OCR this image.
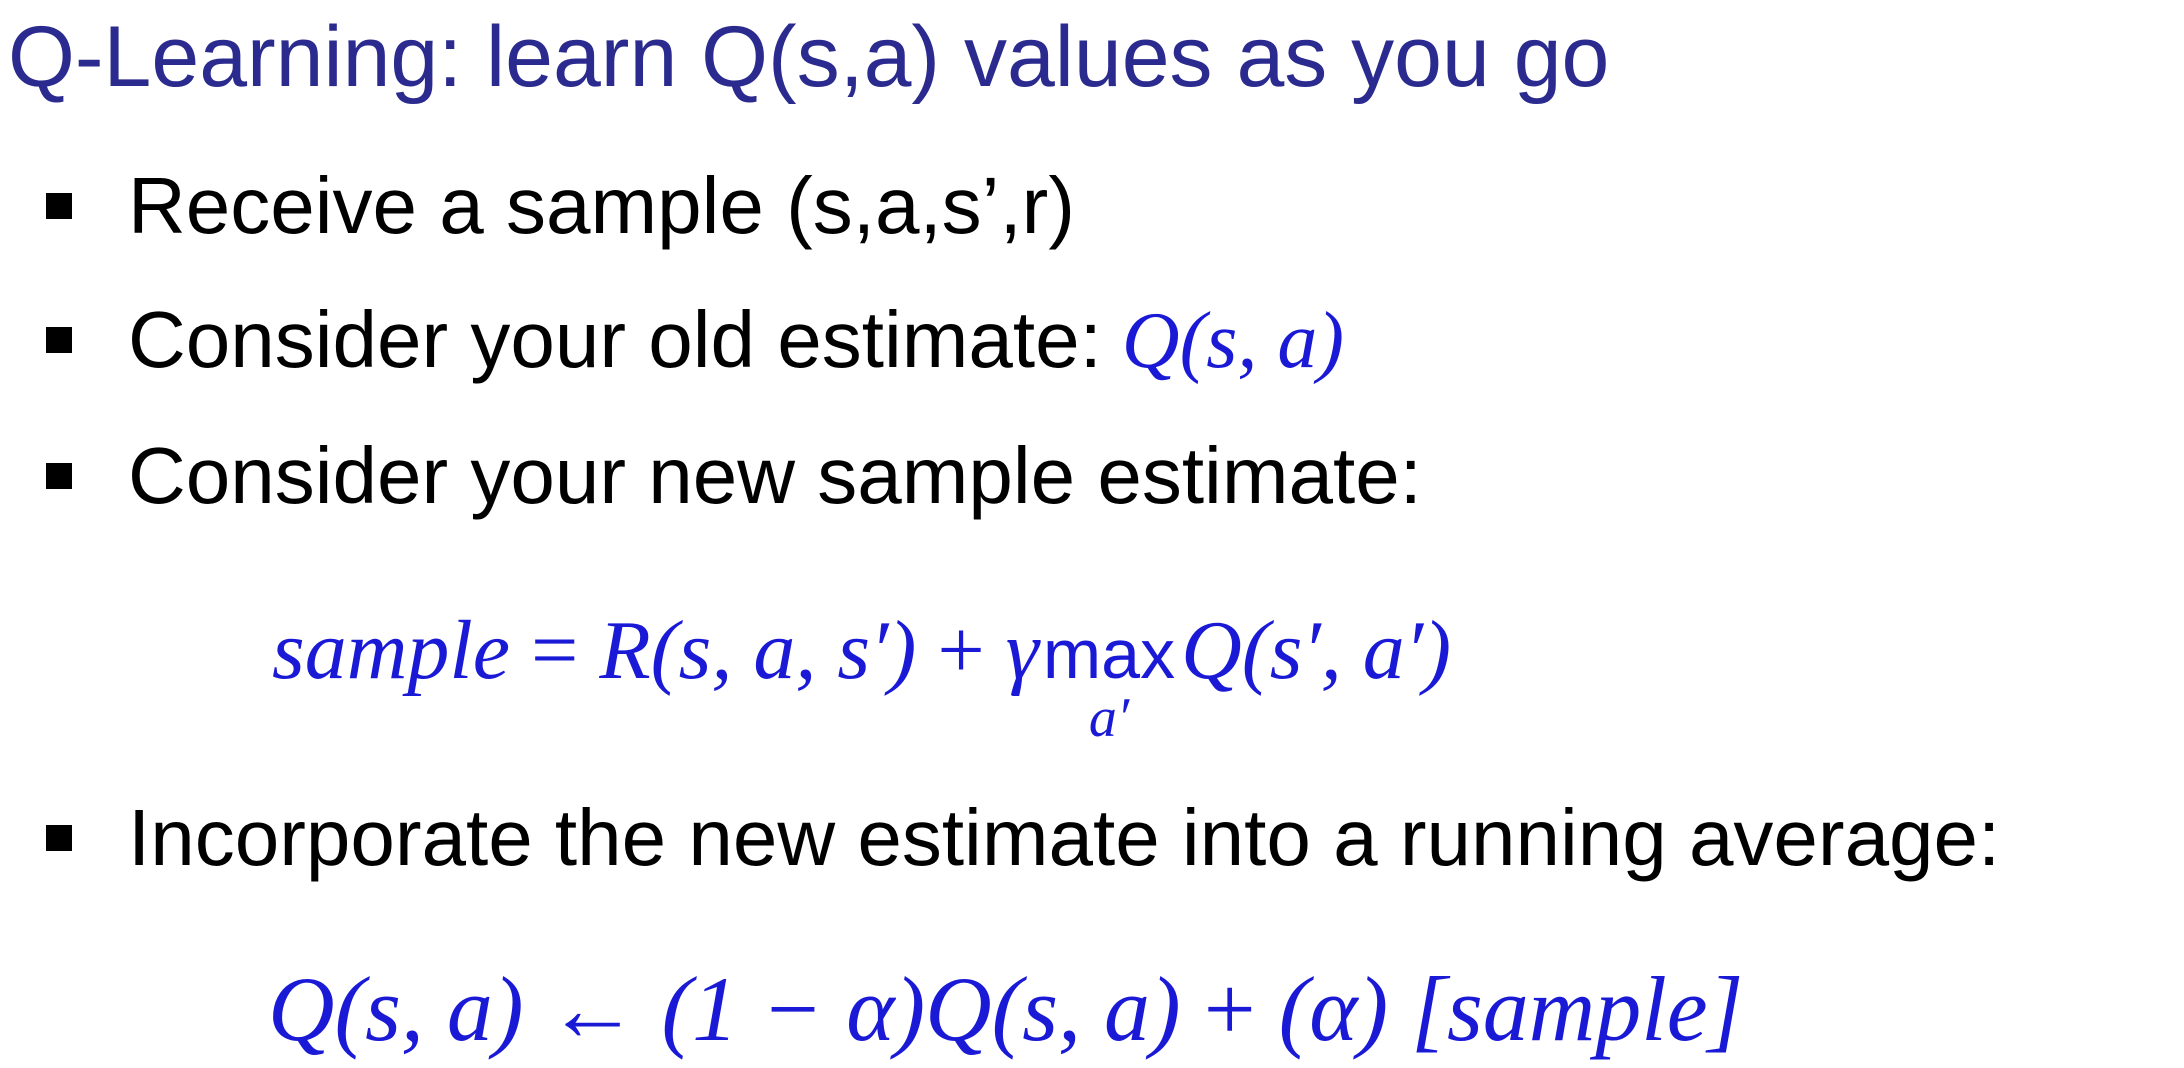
Q-Learning: learn Q(s,a) values as you go
Receive a sample (s,a,s’,r)
Consider your old estimate: Q(s, a)
Consider your new sample estimate:
sample = R(s, a, s′) + γmax
a′
Q(s′, a′)
Incorporate the new estimate into a running average:
Q(s, a) ← (1 − α)Q(s, a) + (α) [sample]
